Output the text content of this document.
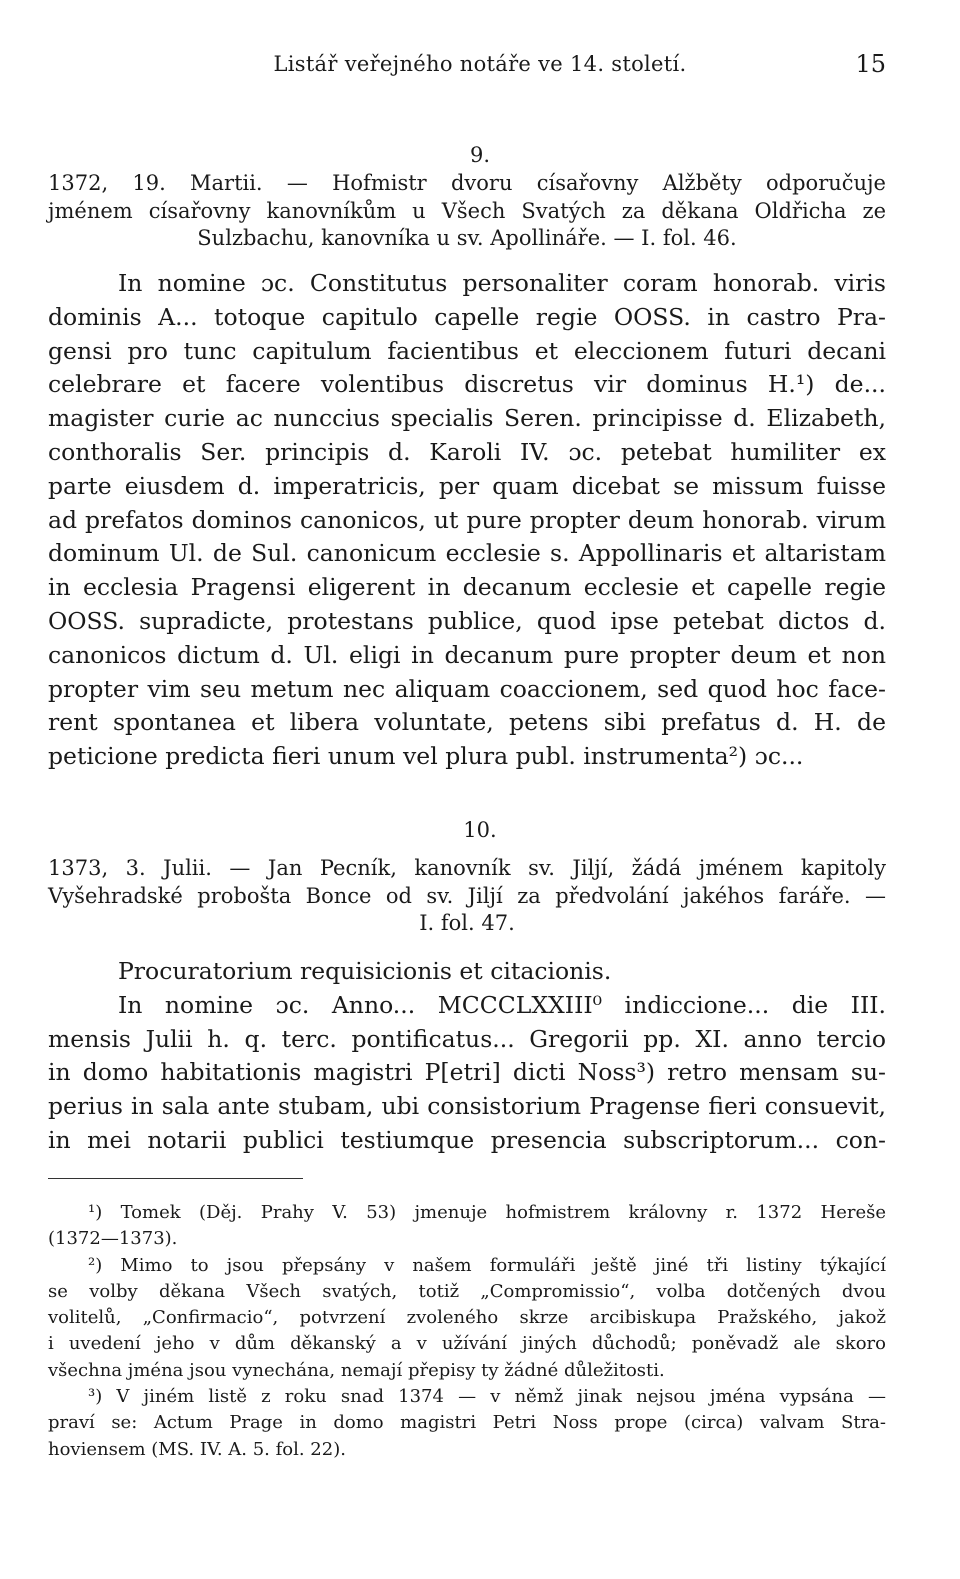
Listář veřejného notáře ve 14. století.	15
9.
1372, 19. Martii. — Hofmistr dvoru císařovny Alžběty odporučuje
jménem císařovny kanovníkům u Všech Svatých za děkana Oldřicha ze
Sulzbachu, kanovníka u sv. Apollináře. — I. fol. 46.
In nomine ɔc. Constitutus personaliter coram honorab. viris
dominis A... totoque capitulo capelle regie OOSS. in castro Pra-
gensi pro tunc capitulum facientibus et eleccionem futuri decani
celebrare et facere volentibus discretus vir dominus H.¹) de...
magister curie ac nunccius specialis Seren. principisse d. Elizabeth,
conthoralis Ser. principis d. Karoli IV. ɔc. petebat humiliter ex
parte eiusdem d. imperatricis, per quam dicebat se missum fuisse
ad prefatos dominos canonicos, ut pure propter deum honorab. virum
dominum Ul. de Sul. canonicum ecclesie s. Appollinaris et altaristam
in ecclesia Pragensi eligerent in decanum ecclesie et capelle regie
OOSS. supradicte, protestans publice, quod ipse petebat dictos d.
canonicos dictum d. Ul. eligi in decanum pure propter deum et non
propter vim seu metum nec aliquam coaccionem, sed quod hoc face-
rent spontanea et libera voluntate, petens sibi prefatus d. H. de
peticione predicta fieri unum vel plura publ. instrumenta²) ɔc...
10.
1373, 3. Julii. — Jan Pecník, kanovník sv. Jiljí, žádá jménem kapitoly
Vyšehradské probošta Bonce od sv. Jiljí za předvolání jakéhos faráře. —
I. fol. 47.
Procuratorium requisicionis et citacionis.
In nomine ɔc. Anno... MCCCLXXIII⁰ indiccione... die III.
mensis Julii h. q. terc. pontificatus... Gregorii pp. XI. anno tercio
in domo habitationis magistri P[etri] dicti Noss³) retro mensam su-
perius in sala ante stubam, ubi consistorium Pragense fieri consuevit,
in mei notarii publici testiumque presencia subscriptorum... con-
¹) Tomek (Děj. Prahy V. 53) jmenuje hofmistrem královny r. 1372 Hereše
(1372—1373).
²) Mimo to jsou přepsány v našem formuláři ještě jiné tři listiny týkající
se volby děkana Všech svatých, totiž „Compromissio“, volba dotčených dvou
volitelů, „Confirmacio“, potvrzení zvoleného skrze arcibiskupa Pražského, jakož
i uvedení jeho v dům děkanský a v užívání jiných důchodů; poněvadž ale skoro
všechna jména jsou vynechána, nemají přepisy ty žádné důležitosti.
³) V jiném listě z roku snad 1374 — v němž jinak nejsou jména vypsána —
praví se: Actum Prage in domo magistri Petri Noss prope (circa) valvam Stra-
hoviensem (MS. IV. A. 5. fol. 22).
